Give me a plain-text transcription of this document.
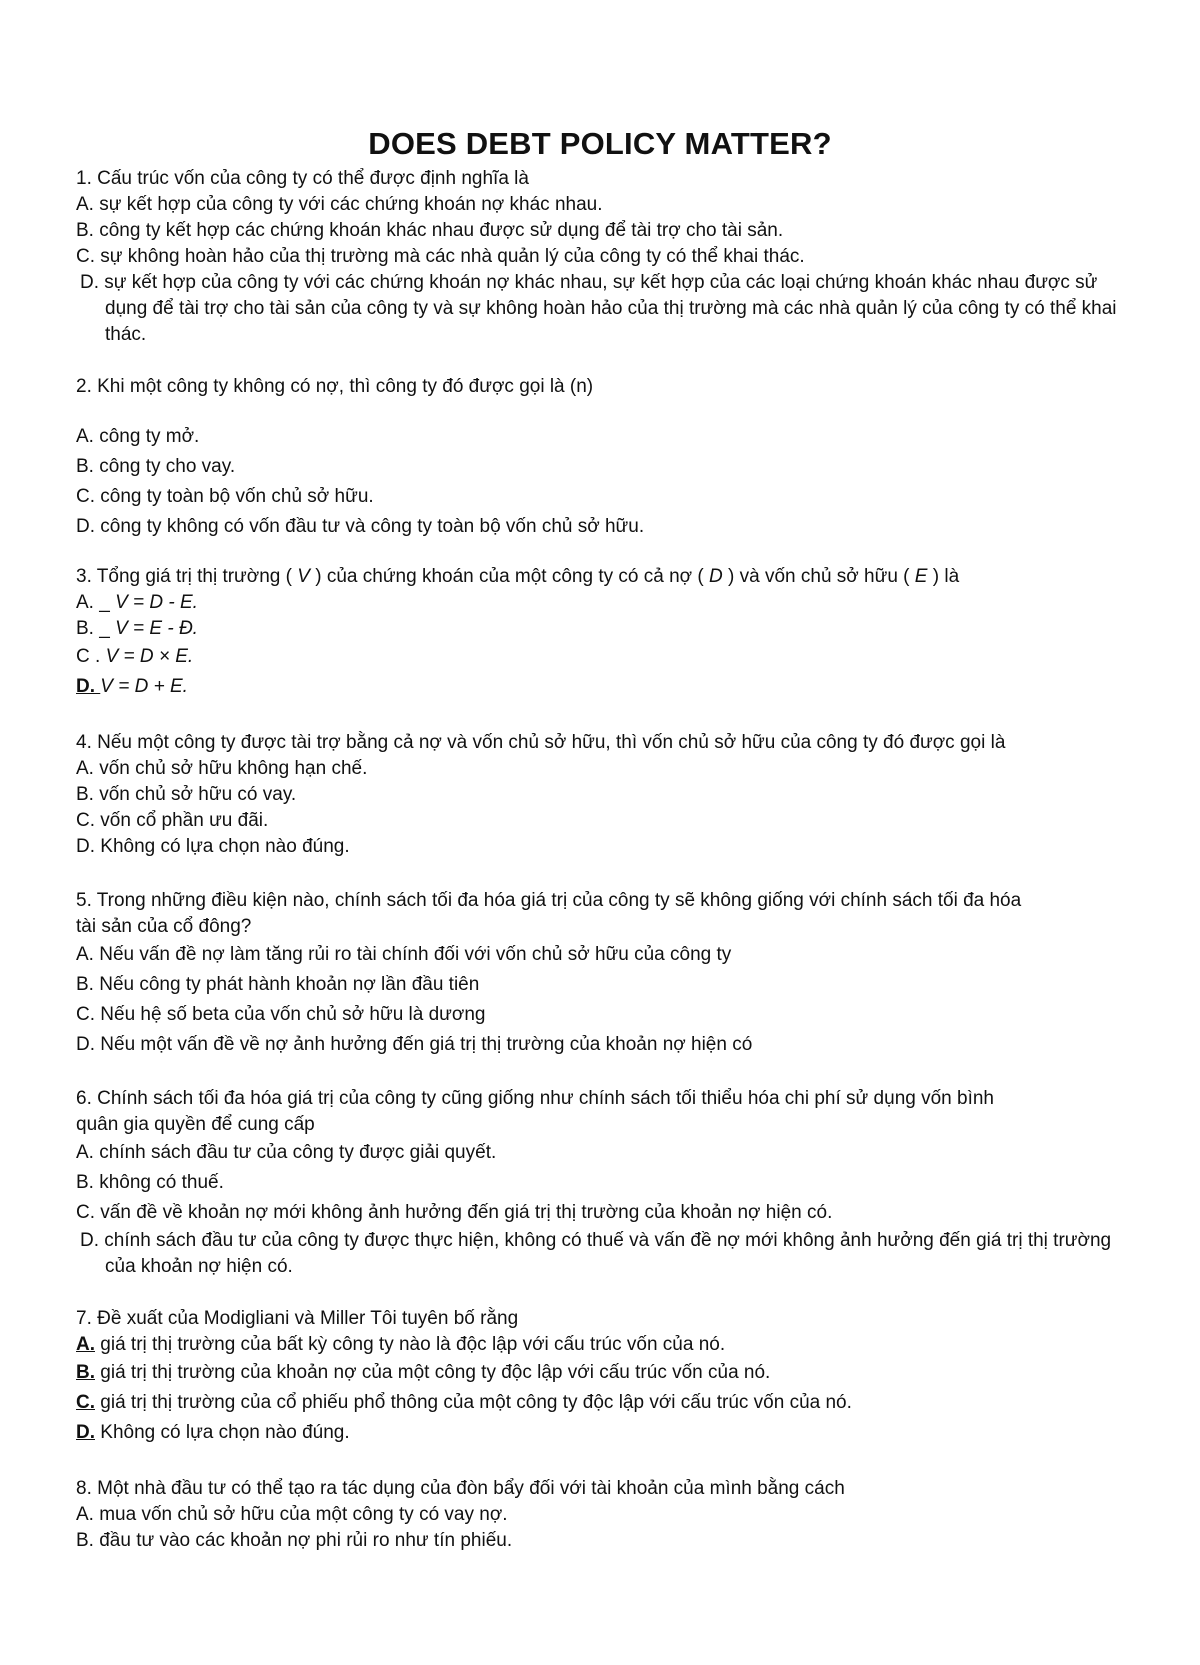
DOES DEBT POLICY MATTER?

1. Cấu trúc vốn của công ty có thể được định nghĩa là

A. sự kết hợp của công ty với các chứng khoán nợ khác nhau.

B. công ty kết hợp các chứng khoán khác nhau được sử dụng để tài trợ cho tài sản.

C. sự không hoàn hảo của thị trường mà các nhà quản lý của công ty có thể khai thác.

D. sự kết hợp của công ty với các chứng khoán nợ khác nhau, sự kết hợp của các loại chứng khoán khác nhau được sử dụng để tài trợ cho tài sản của công ty và sự không hoàn hảo của thị trường mà các nhà quản lý của công ty có thể khai thác.

2. Khi một công ty không có nợ, thì công ty đó được gọi là (n)

A. công ty mở.

B. công ty cho vay.

C. công ty toàn bộ vốn chủ sở hữu.

D. công ty không có vốn đầu tư và công ty toàn bộ vốn chủ sở hữu.

3. Tổng giá trị thị trường ( V ) của chứng khoán của một công ty có cả nợ ( D ) và vốn chủ sở hữu ( E ) là

A. _ V = D - E.

B. _ V = E - Đ.

C . V = D × E.

D. V = D + E.

4. Nếu một công ty được tài trợ bằng cả nợ và vốn chủ sở hữu, thì vốn chủ sở hữu của công ty đó được gọi là

A. vốn chủ sở hữu không hạn chế.

B. vốn chủ sở hữu có vay.

C. vốn cổ phần ưu đãi.

D. Không có lựa chọn nào đúng.

5. Trong những điều kiện nào, chính sách tối đa hóa giá trị của công ty sẽ không giống với chính sách tối đa hóa

tài sản của cổ đông?

A. Nếu vấn đề nợ làm tăng rủi ro tài chính đối với vốn chủ sở hữu của công ty

B. Nếu công ty phát hành khoản nợ lần đầu tiên

C. Nếu hệ số beta của vốn chủ sở hữu là dương

D. Nếu một vấn đề về nợ ảnh hưởng đến giá trị thị trường của khoản nợ hiện có

6. Chính sách tối đa hóa giá trị của công ty cũng giống như chính sách tối thiểu hóa chi phí sử dụng vốn bình

quân gia quyền để cung cấp

A. chính sách đầu tư của công ty được giải quyết.

B. không có thuế.

C. vấn đề về khoản nợ mới không ảnh hưởng đến giá trị thị trường của khoản nợ hiện có.

D. chính sách đầu tư của công ty được thực hiện, không có thuế và vấn đề nợ mới không ảnh hưởng đến giá trị thị trường của khoản nợ hiện có.

7. Đề xuất của Modigliani và Miller Tôi tuyên bố rằng

A. giá trị thị trường của bất kỳ công ty nào là độc lập với cấu trúc vốn của nó.

B. giá trị thị trường của khoản nợ của một công ty độc lập với cấu trúc vốn của nó.

C. giá trị thị trường của cổ phiếu phổ thông của một công ty độc lập với cấu trúc vốn của nó.

D. Không có lựa chọn nào đúng.

8. Một nhà đầu tư có thể tạo ra tác dụng của đòn bẩy đối với tài khoản của mình bằng cách

A. mua vốn chủ sở hữu của một công ty có vay nợ.

B. đầu tư vào các khoản nợ phi rủi ro như tín phiếu.
